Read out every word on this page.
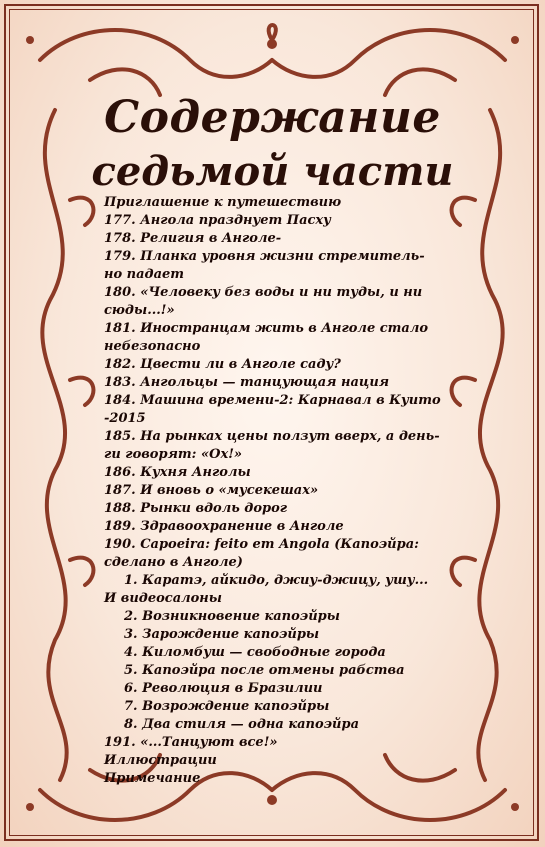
Содержание
седьмой части
Приглашение к путешествию
177. Ангола празднует Пасху
178. Религия в Анголе-
179. Планка уровня жизни стремитель-
но падает
180. «Человеку без воды и ни туды, и ни
сюды...!»
181. Иностранцам жить в Анголе стало
небезопасно
182. Цвести ли в Анголе саду?
183. Ангольцы — танцующая нация
184. Машина времени-2: Карнавал в Куито
-2015
185. На рынках цены ползут вверх, а день-
ги говорят: «Ох!»
186. Кухня Анголы
187. И вновь о «мусекешах»
188. Рынки вдоль дорог
189. Здравоохранение в Анголе
190. Capoeira: feito em Angola (Капоэйра:
сделано в Анголе)
1. Каратэ, айкидо, джиу-джицу, ушу...
И видеосалоны
2. Возникновение капоэйры
3. Зарождение капоэйры
4. Киломбуш — свободные города
5. Капоэйра после отмены рабства
6. Революция в Бразилии
7. Возрождение капоэйры
8. Два стиля — одна капоэйра
191. «...Танцуют все!»
Иллюстрации
Примечание
